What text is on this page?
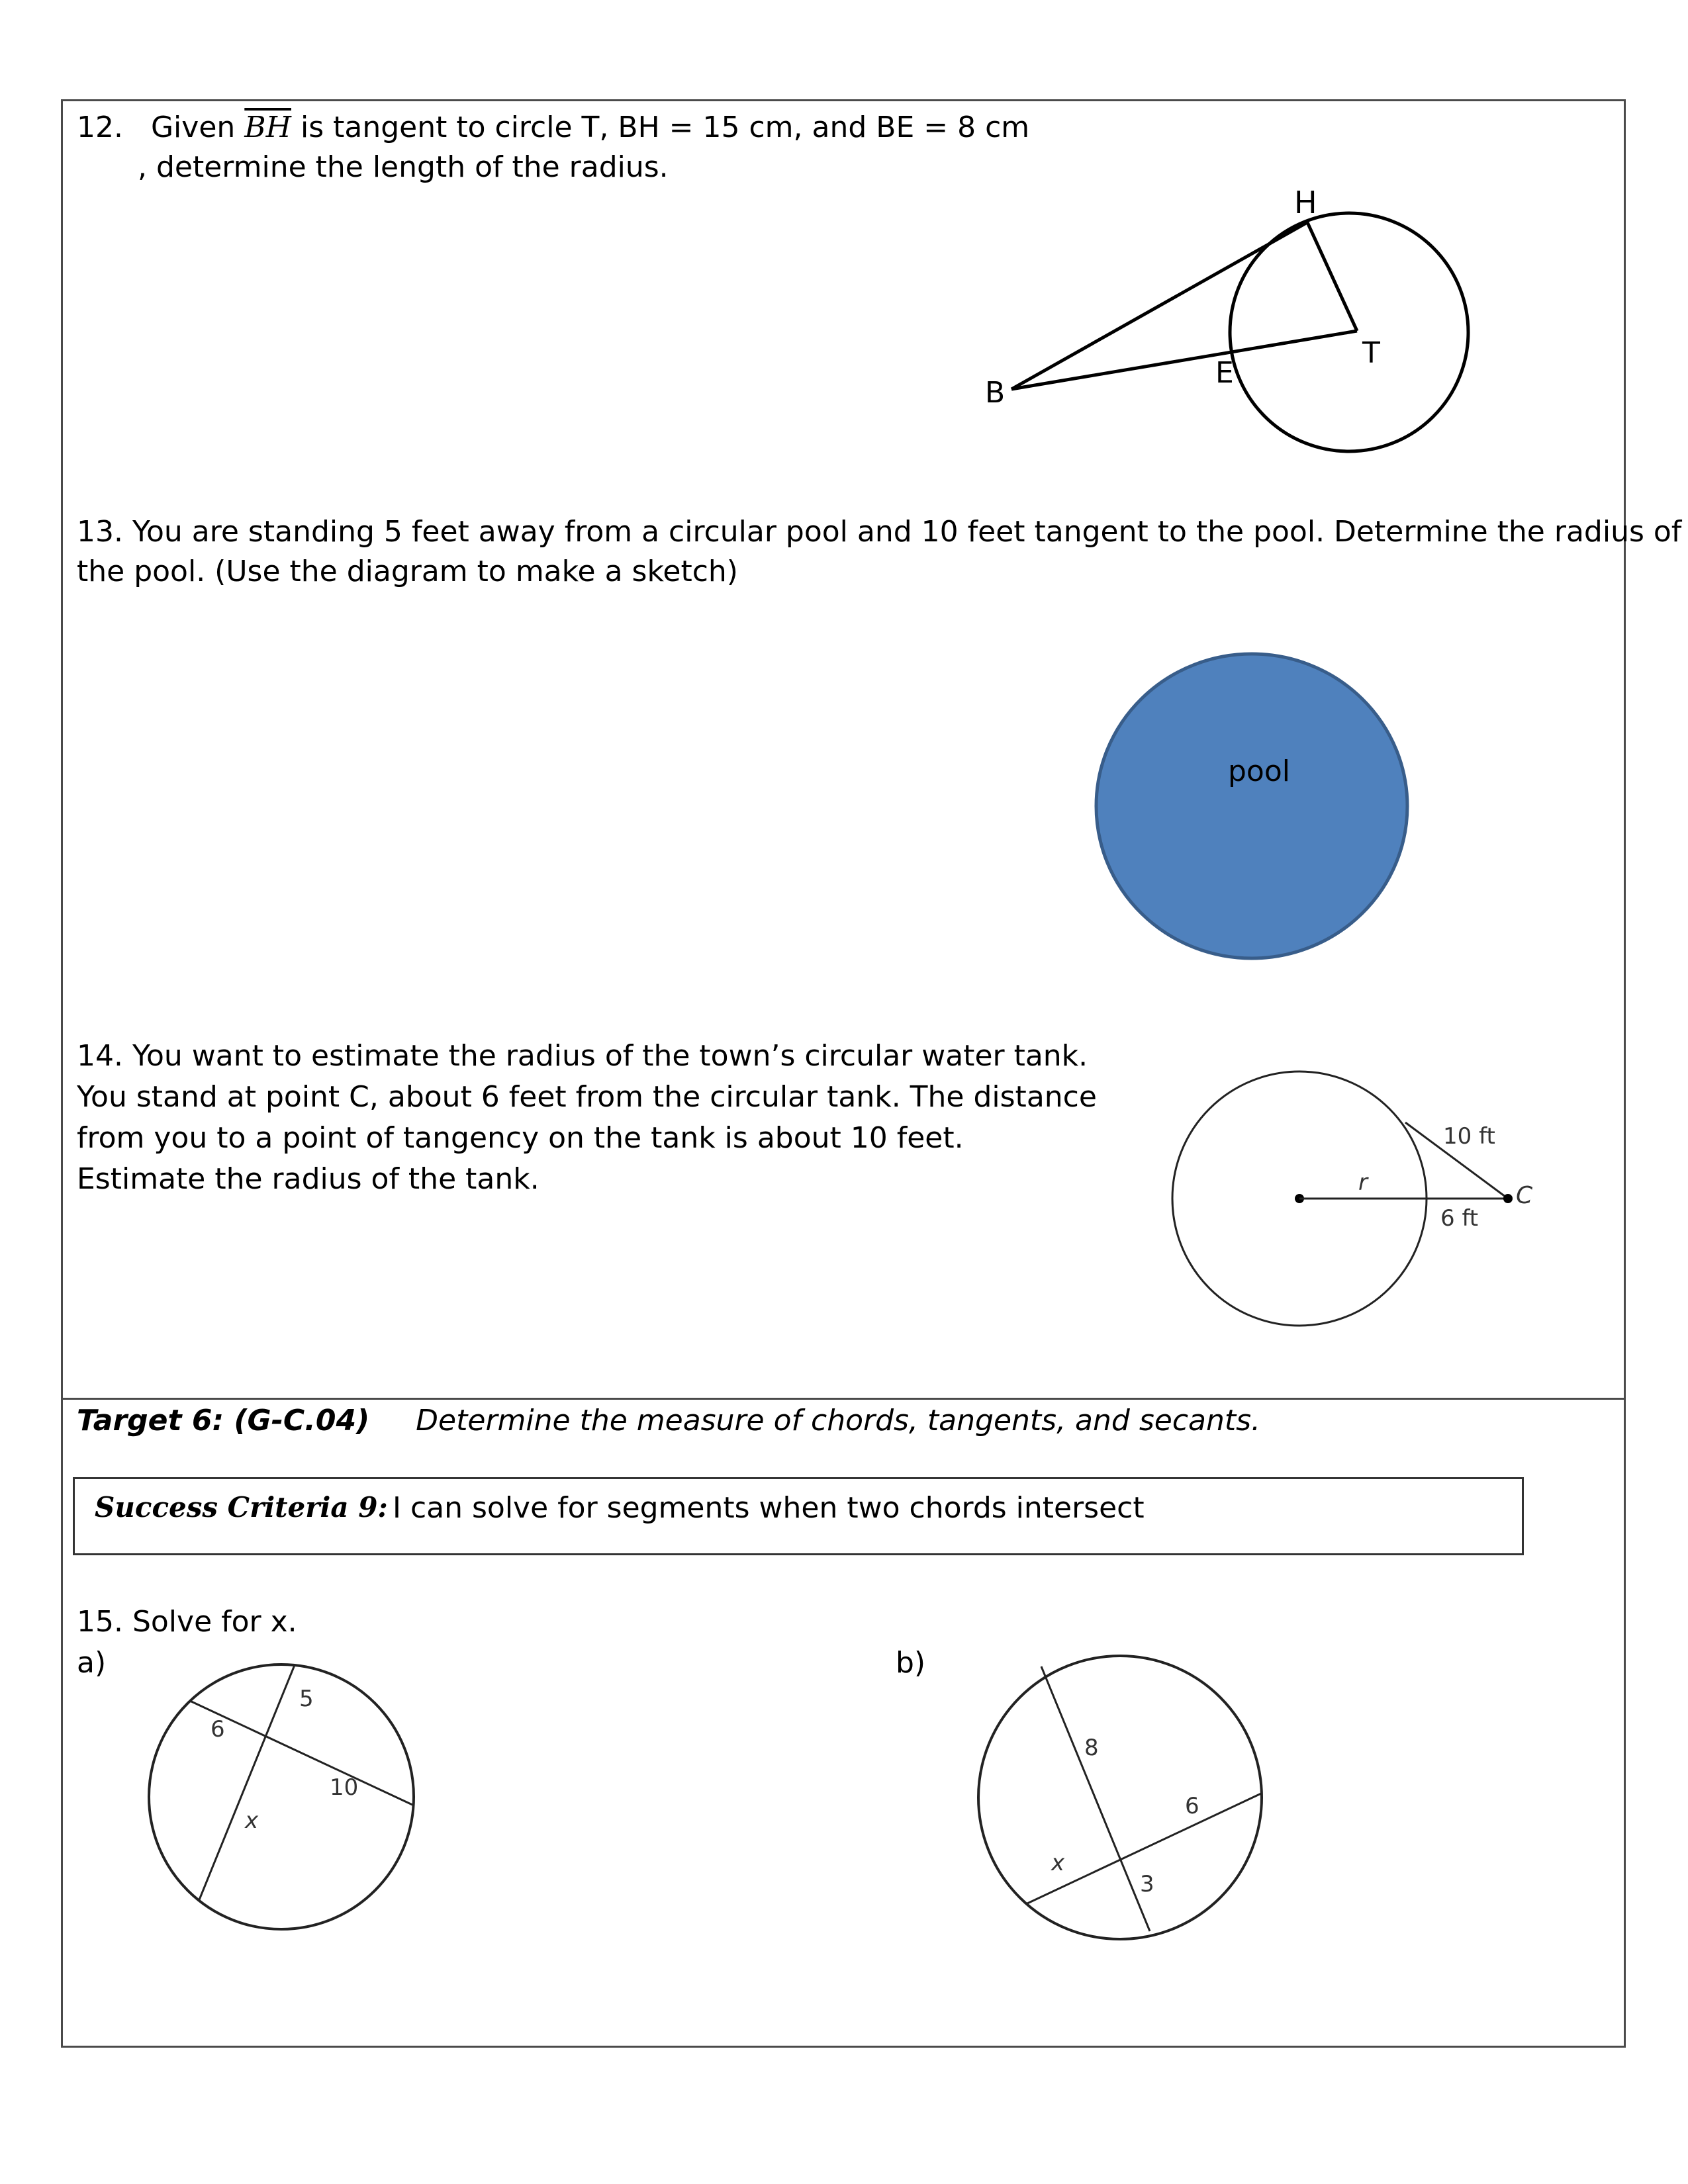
12. Given $\overline{BH}$ is tangent to circle T, BH = 15 cm, and BE = 8 cm
, determine the length of the radius.
H
T
E
B
pool
10 ft
r	C
6 ft
6
5
10
x
8
6
x
3
13. You are standing 5 feet away from a circular pool and 10 feet tangent to the pool. Determine the radius of
the pool. (Use the diagram to make a sketch)
14. You want to estimate the radius of the town’s circular water tank.
You stand at point C, about 6 feet from the circular tank. The distance
from you to a point of tangency on the tank is about 10 feet.
Estimate the radius of the tank.
Target 6: (G-C.04) Determine the measure of chords, tangents, and secants.
Success Criteria 9: I can solve for segments when two chords intersect
15. Solve for x.
a)	b)
